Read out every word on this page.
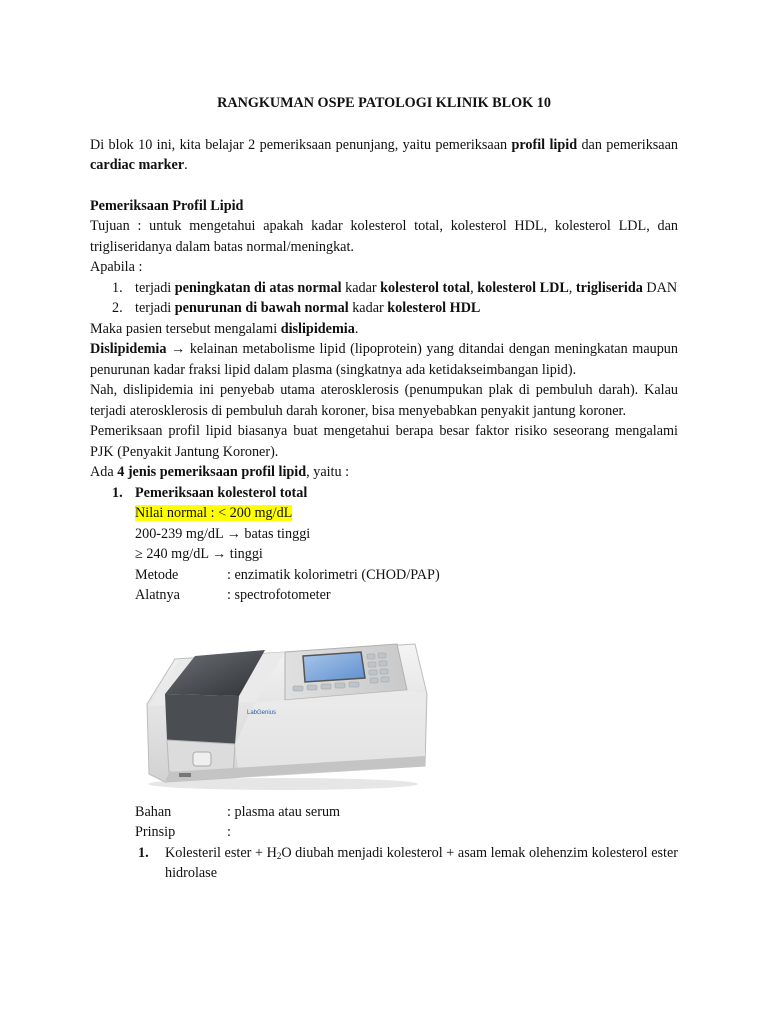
RANGKUMAN OSPE PATOLOGI KLINIK BLOK 10

Di blok 10 ini, kita belajar 2 pemeriksaan penunjang, yaitu pemeriksaan profil lipid dan pemeriksaan cardiac marker.

Pemeriksaan Profil Lipid

Tujuan : untuk mengetahui apakah kadar kolesterol total, kolesterol HDL, kolesterol LDL, dan trigliseridanya dalam batas normal/meningkat.

Apabila :

1. terjadi peningkatan di atas normal kadar kolesterol total, kolesterol LDL, trigliserida DAN

2. terjadi penurunan di bawah normal kadar kolesterol HDL

Maka pasien tersebut mengalami dislipidemia.

Dislipidemia → kelainan metabolisme lipid (lipoprotein) yang ditandai dengan meningkatan maupun penurunan kadar fraksi lipid dalam plasma (singkatnya ada ketidakseimbangan lipid).

Nah, dislipidemia ini penyebab utama aterosklerosis (penumpukan plak di pembuluh darah). Kalau terjadi aterosklerosis di pembuluh darah koroner, bisa menyebabkan penyakit jantung koroner.

Pemeriksaan profil lipid biasanya buat mengetahui berapa besar faktor risiko seseorang mengalami PJK (Penyakit Jantung Koroner).

Ada 4 jenis pemeriksaan profil lipid, yaitu :

1. Pemeriksaan kolesterol total

Nilai normal : < 200 mg/dL

200-239 mg/dL → batas tinggi

≥ 240 mg/dL → tinggi

Metode	: enzimatik kolorimetri (CHOD/PAP)
Alatnya	: spectrofotometer
LabGenius
Bahan	: plasma atau serum
Prinsip	:
1. Kolesteril ester + $H_2O$ diubah menjadi kolesterol + asam lemak olehenzim kolesterol ester hidrolase
